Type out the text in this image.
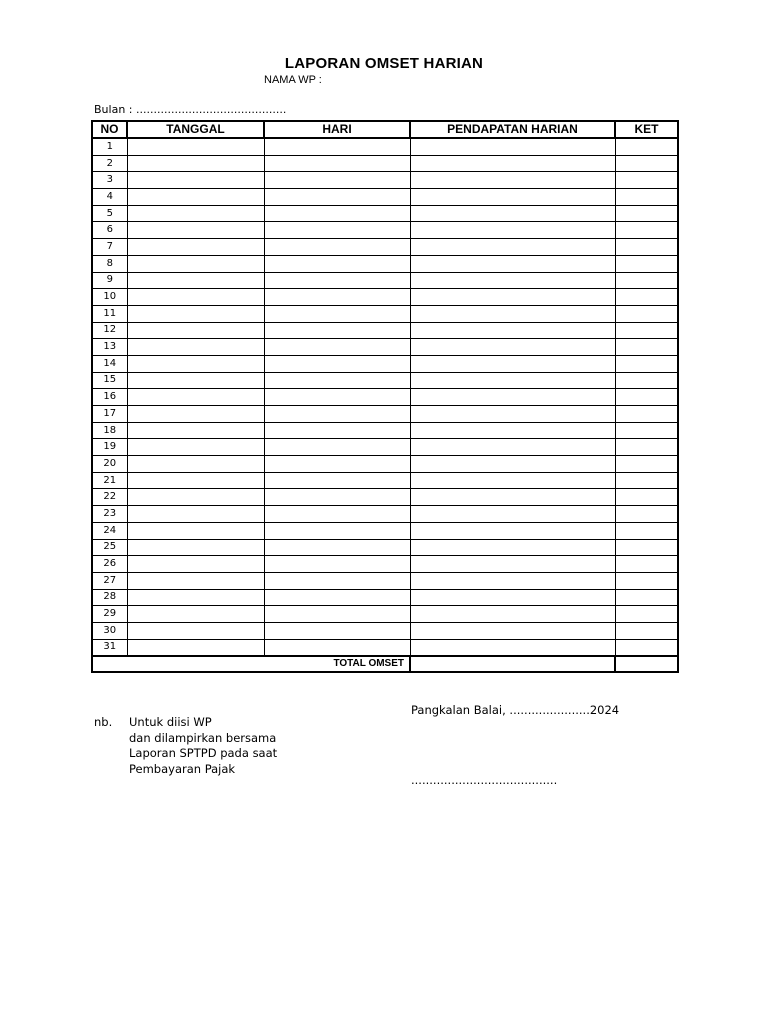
LAPORAN OMSET HARIAN
NAMA WP :
Bulan : ...........................................
NO	TANGGAL	HARI	PENDAPATAN HARIAN	KET
1				
2				
3				
4				
5				
6				
7				
8				
9				
10				
11				
12				
13				
14				
15				
16				
17				
18				
19				
20				
21				
22				
23				
24				
25				
26				
27				
28				
29				
30				
31				
TOTAL OMSET				
Pangkalan Balai, ......................2024
nb. Untuk diisi WP
dan dilampirkan bersama
Laporan SPTPD pada saat
Pembayaran Pajak
........................................
